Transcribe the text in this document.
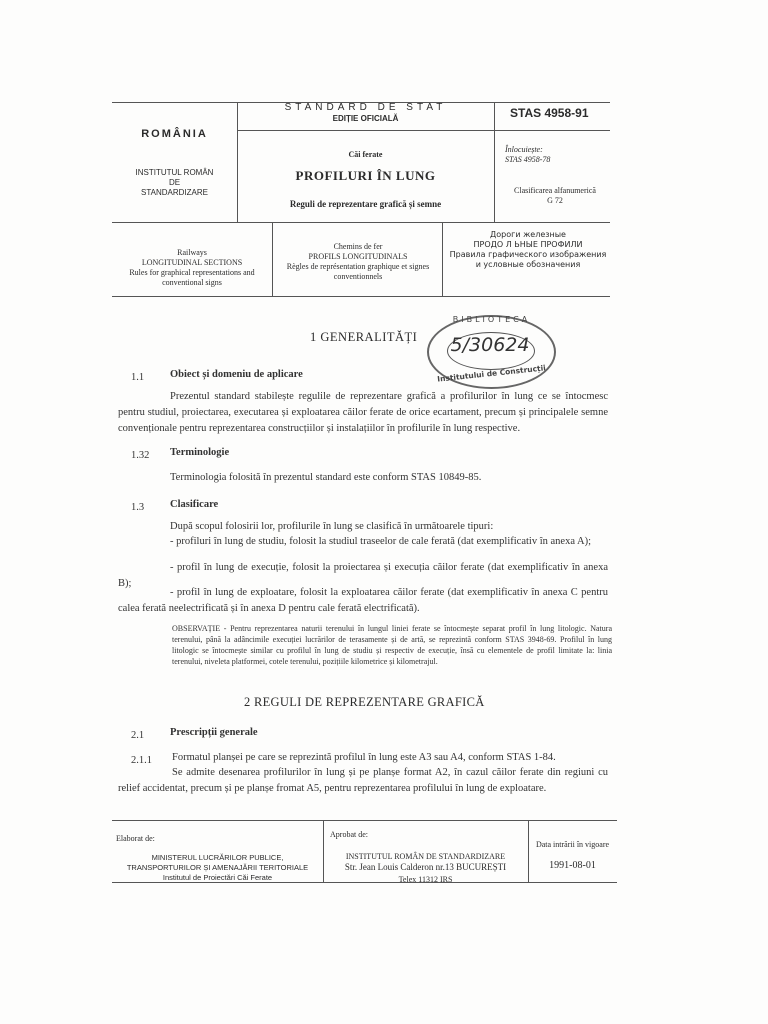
ROMÂNIA
INSTITUTUL ROMÂN
DE
STANDARDIZARE
STANDARD DE STAT
EDIȚIE OFICIALĂ
Căi ferate
PROFILURI ÎN LUNG
Reguli de reprezentare grafică și semne
STAS 4958-91
Înlocuiește:
STAS 4958-78
Clasificarea alfanumerică
G 72
Railways
LONGITUDINAL SECTIONS
Rules for graphical representations and conventional signs
Chemins de fer
PROFILS LONGITUDINALS
Règles de représentation graphique et signes conventionnels
Дороги железные
ПРОДО Л ЬНЫЕ ПРОФИЛИ
Правила графического изображения и условные обозначения
BIBLIOTECA
5/30624
Institutului de Construcții
1 GENERALITĂȚI
1.1 Obiect și domeniu de aplicare
Prezentul standard stabilește regulile de reprezentare grafică a profilurilor în lung ce se întocmesc pentru studiul, proiectarea, executarea și exploatarea căilor ferate de orice ecartament, precum și principalele semne convenționale pentru reprezentarea construcțiilor și instalațiilor în profilurile în lung respective.
1.32 Terminologie
Terminologia folosită în prezentul standard este conform STAS 10849-85.
1.3 Clasificare
După scopul folosirii lor, profilurile în lung se clasifică în următoarele tipuri:
- profiluri în lung de studiu, folosit la studiul traseelor de cale ferată (dat exemplificativ în anexa A);
- profil în lung de execuție, folosit la proiectarea și execuția căilor ferate (dat exemplificativ în anexa B);
- profil în lung de exploatare, folosit la exploatarea căilor ferate (dat exemplificativ în anexa C pentru calea ferată neelectrificată și în anexa D pentru cale ferată electrificată).
OBSERVAȚIE - Pentru reprezentarea naturii terenului în lungul liniei ferate se întocmește separat profil în lung litologic. Natura terenului, până la adâncimile execuției lucrărilor de terasamente și de artă, se reprezintă conform STAS 3948-69. Profilul în lung litologic se întocmește similar cu profilul în lung de studiu și respectiv de execuție, însă cu elementele de profil limitate la: linia terenului, niveleta platformei, cotele terenului, pozițiile kilometrice și kilometrajul.
2 REGULI DE REPREZENTARE GRAFICĂ
2.1 Prescripții generale
2.1.1 Formatul planșei pe care se reprezintă profilul în lung este A3 sau A4, conform STAS 1-84.
Se admite desenarea profilurilor în lung și pe planșe format A2, în cazul căilor ferate din regiuni cu relief accidentat, precum și pe planșe fromat A5, pentru reprezentarea profilului în lung de exploatare.
Elaborat de:
MINISTERUL LUCRĂRILOR PUBLICE,
TRANSPORTURILOR ȘI AMENAJĂRII TERITORIALE
Institutul de Proiectări Căi Ferate
Aprobat de:
INSTITUTUL ROMÂN DE STANDARDIZARE
Str. Jean Louis Calderon nr.13 BUCUREȘTI
Telex 11312 IRS
Data intrării în vigoare
1991-08-01
